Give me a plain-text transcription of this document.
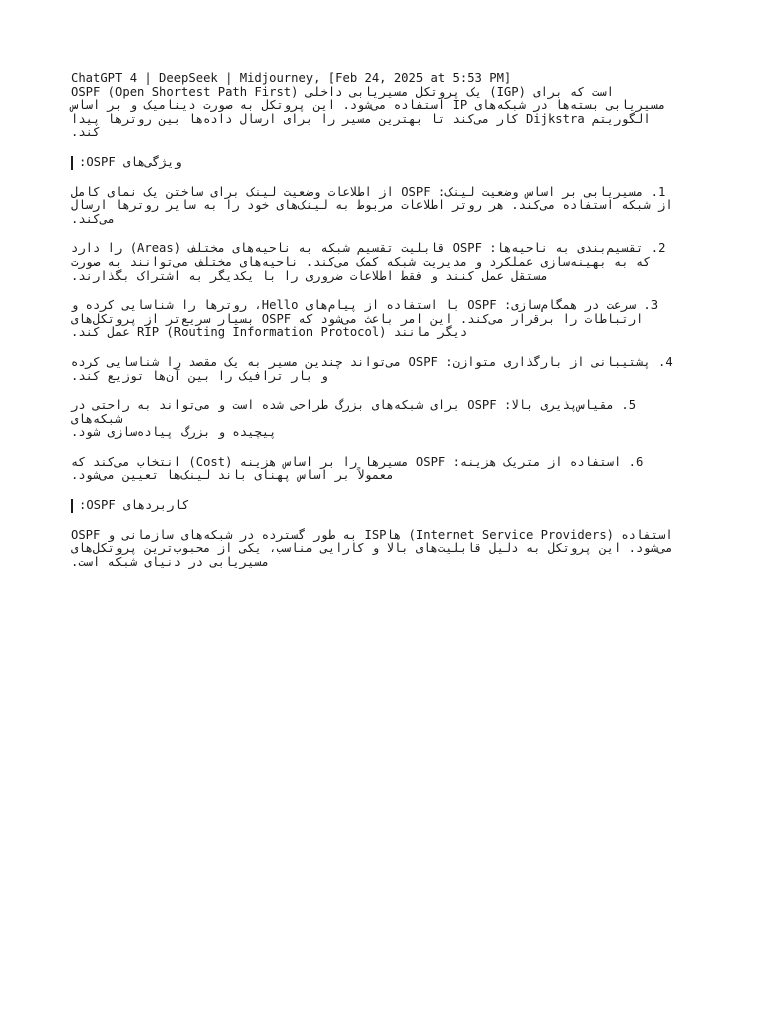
ChatGPT 4 | DeepSeek | Midjourney, [Feb 24, 2025 at 5:53 PM]

OSPF (Open Shortest Path First) یک پروتکل مسیریابی داخلی (IGP) است که برای

مسیریابی بسته‌ها در شبکه‌های IP استفاده می‌شود. این پروتکل به صورت دینامیک و بر اساس

الگوریتم Dijkstra کار می‌کند تا بهترین مسیر را برای ارسال داده‌ها بین روترها پیدا

کند.

ویژگی‌های OSPF:

1. مسیریابی بر اساس وضعیت لینک: OSPF از اطلاعات وضعیت لینک برای ساختن یک نمای کامل

از شبکه استفاده می‌کند. هر روتر اطلاعات مربوط به لینک‌های خود را به سایر روترها ارسال

می‌کند.

2. تقسیم‌بندی به ناحیه‌ها: OSPF قابلیت تقسیم شبکه به ناحیه‌های مختلف (Areas) را دارد

که به بهینه‌سازی عملکرد و مدیریت شبکه کمک می‌کند. ناحیه‌های مختلف می‌توانند به صورت

مستقل عمل کنند و فقط اطلاعات ضروری را با یکدیگر به اشتراک بگذارند.

3. سرعت در همگام‌سازی: OSPF با استفاده از پیام‌های Hello، روترها را شناسایی کرده و

ارتباطات را برقرار می‌کند. این امر باعث می‌شود که OSPF بسیار سریع‌تر از پروتکل‌های

دیگر مانند RIP (Routing Information Protocol) عمل کند.

4. پشتیبانی از بارگذاری متوازن: OSPF می‌تواند چندین مسیر به یک مقصد را شناسایی کرده

و بار ترافیک را بین آن‌ها توزیع کند.

5. مقیاس‌پذیری بالا: OSPF برای شبکه‌های بزرگ طراحی شده است و می‌تواند به راحتی در شبکه‌های

پیچیده و بزرگ پیاده‌سازی شود.

6. استفاده از متریک هزینه: OSPF مسیرها را بر اساس هزینه (Cost) انتخاب می‌کند که

معمولاً بر اساس پهنای باند لینک‌ها تعیین می‌شود.

کاربردهای OSPF:

OSPF به طور گسترده در شبکه‌های سازمانی و ISPها (Internet Service Providers) استفاده

می‌شود. این پروتکل به دلیل قابلیت‌های بالا و کارایی مناسب، یکی از محبوب‌ترین پروتکل‌های

مسیریابی در دنیای شبکه است.
